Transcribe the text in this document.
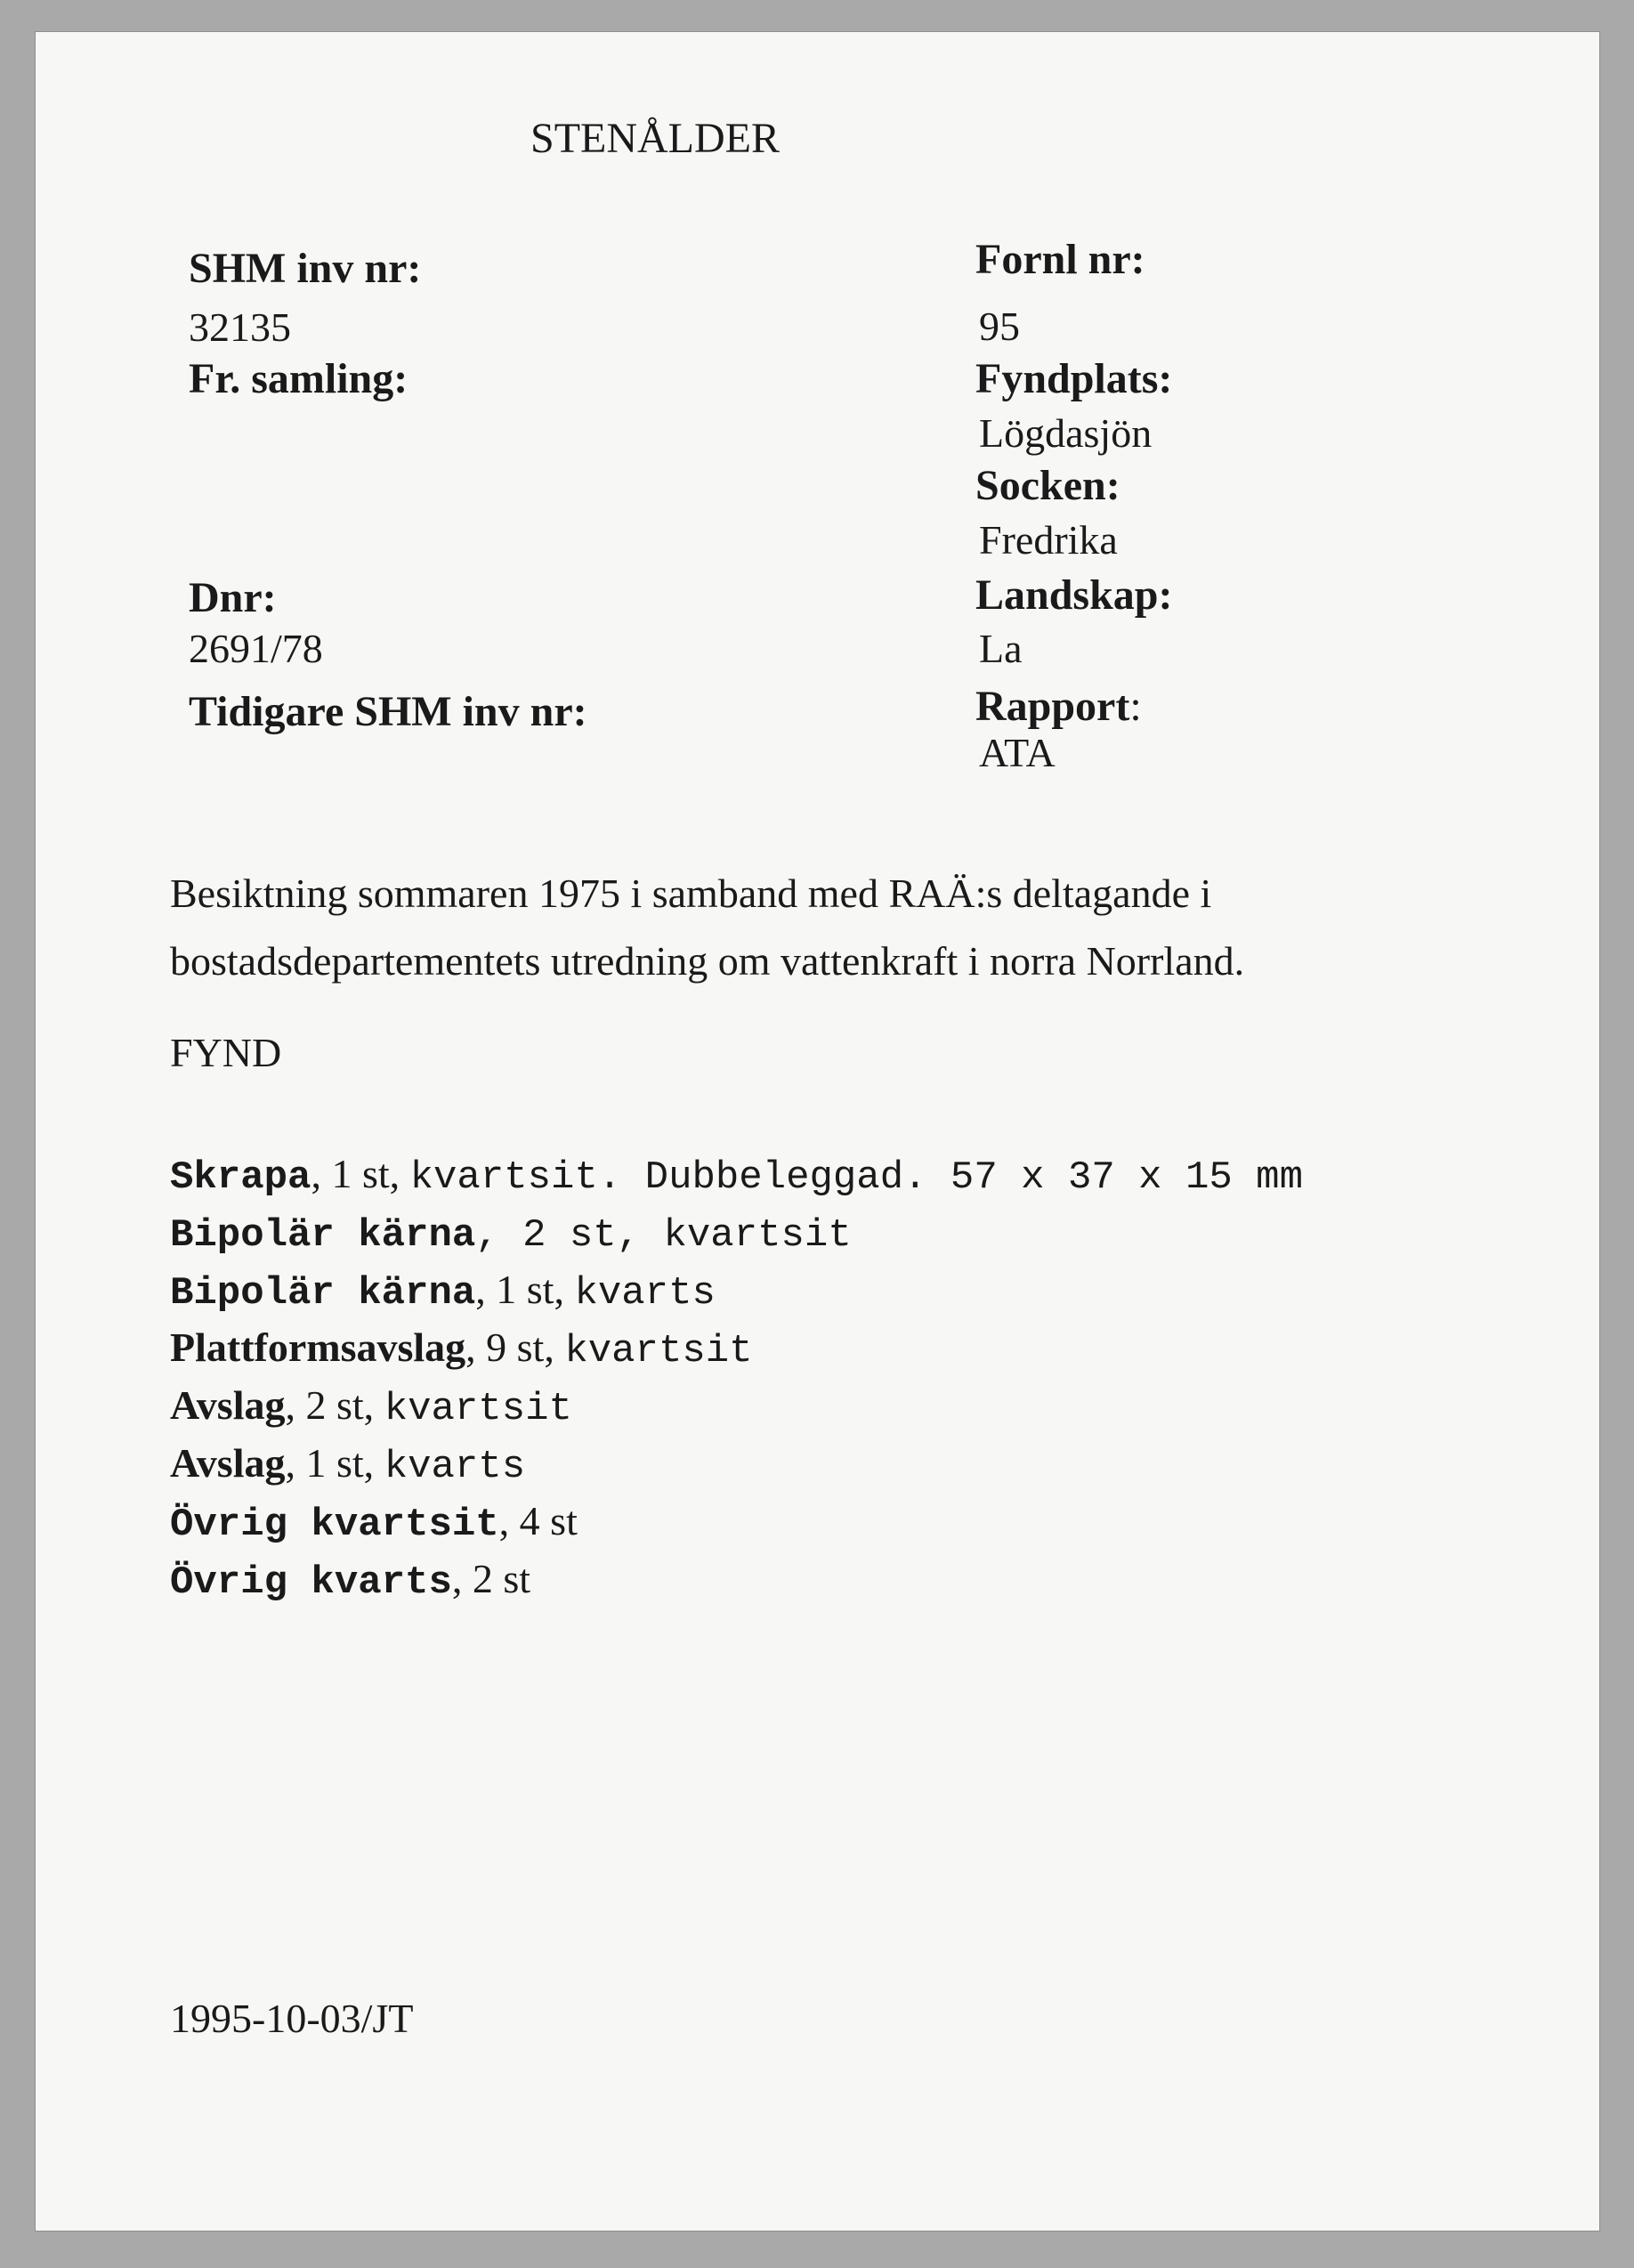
STENÅLDER
SHM inv nr:
32135
Fr. samling:
Dnr:
2691/78
Tidigare SHM inv nr:
Fornl nr:
95
Fyndplats:
Lögdasjön
Socken:
Fredrika
Landskap:
La
Rapport:
ATA
Besiktning sommaren 1975 i samband med RAÄ:s deltagande i bostadsdepartementets utredning om vattenkraft i norra Norrland.
FYND
Skrapa, 1 st, kvartsit. Dubbeleggad. 57 x 37 x 15 mm
Bipolär kärna, 2 st, kvartsit
Bipolär kärna, 1 st, kvarts
Plattformsavslag, 9 st, kvartsit
Avslag, 2 st, kvartsit
Avslag, 1 st, kvarts
Övrig kvartsit, 4 st
Övrig kvarts, 2 st
1995-10-03/JT
